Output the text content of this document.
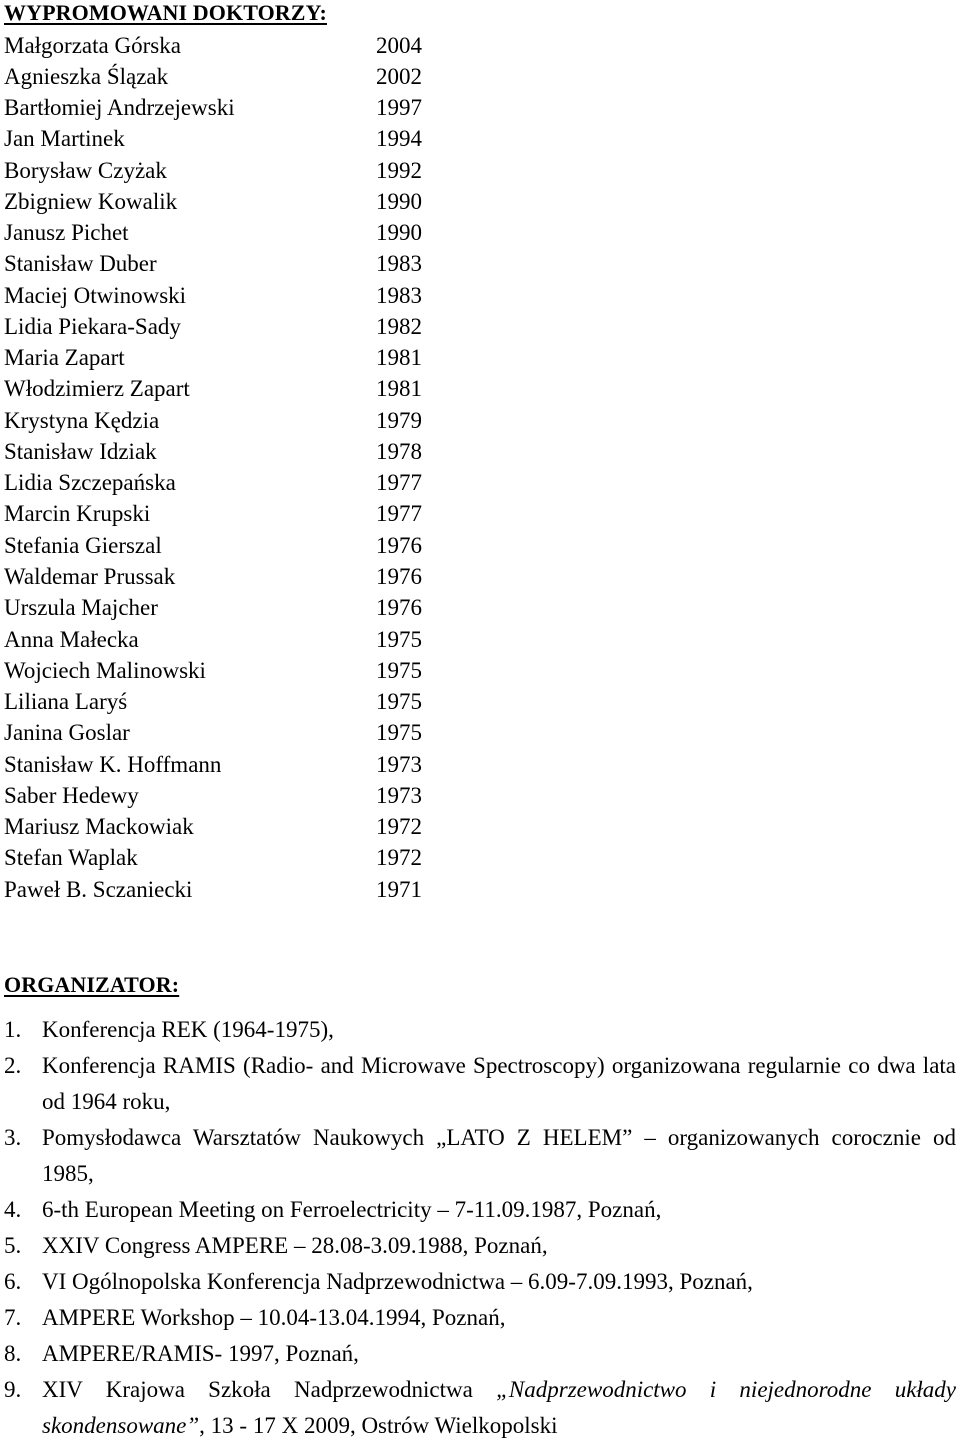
WYPROMOWANI DOKTORZY:
Małgorzata Górska	2004
Agnieszka Ślązak	2002
Bartłomiej Andrzejewski	1997
Jan Martinek	1994
Borysław Czyżak	1992
Zbigniew Kowalik	1990
Janusz Pichet	1990
Stanisław Duber	1983
Maciej Otwinowski	1983
Lidia Piekara-Sady	1982
Maria Zapart	1981
Włodzimierz Zapart	1981
Krystyna Kędzia	1979
Stanisław Idziak	1978
Lidia Szczepańska	1977
Marcin Krupski	1977
Stefania Gierszal	1976
Waldemar Prussak	1976
Urszula Majcher	1976
Anna Małecka	1975
Wojciech Malinowski	1975
Liliana Laryś	1975
Janina Goslar	1975
Stanisław K. Hoffmann	1973
Saber Hedewy	1973
Mariusz Mackowiak	1972
Stefan Waplak	1972
Paweł B. Sczaniecki	1971
ORGANIZATOR:
1. Konferencja REK (1964-1975),
2. Konferencja RAMIS (Radio- and Microwave Spectroscopy) organizowana regularnie co dwa lata od 1964 roku,
3. Pomysłodawca Warsztatów Naukowych „LATO Z HELEM” – organizowanych corocznie od 1985,
4. 6-th European Meeting on Ferroelectricity – 7-11.09.1987, Poznań,
5. XXIV Congress AMPERE – 28.08-3.09.1988, Poznań,
6. VI Ogólnopolska Konferencja Nadprzewodnictwa – 6.09-7.09.1993, Poznań,
7. AMPERE Workshop – 10.04-13.04.1994, Poznań,
8. AMPERE/RAMIS- 1997, Poznań,
9. XIV Krajowa Szkoła Nadprzewodnictwa „Nadprzewodnictwo i niejednorodne układy skondensowane”, 13 - 17 X 2009, Ostrów Wielkopolski
